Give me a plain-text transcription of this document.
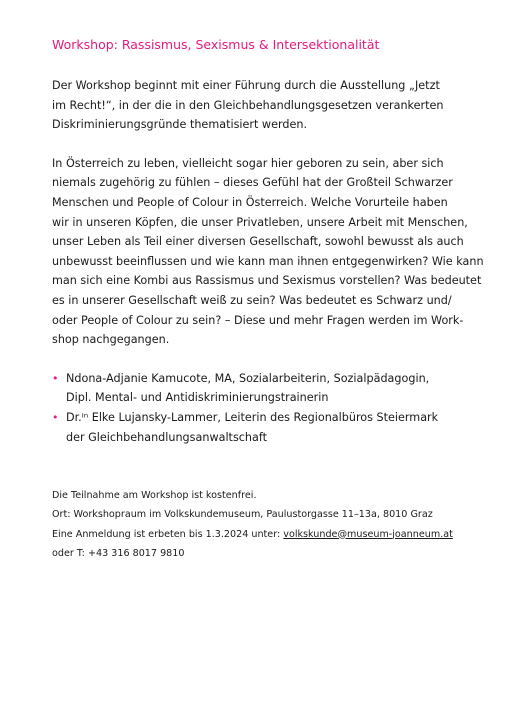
Workshop: Rassismus, Sexismus & Intersektionalität

Der Workshop beginnt mit einer Führung durch die Ausstellung „Jetzt
im Recht!“, in der die in den Gleichbehandlungsgesetzen verankerten
Diskriminierungsgründe thematisiert werden.

In Österreich zu leben, vielleicht sogar hier geboren zu sein, aber sich
niemals zugehörig zu fühlen – dieses Gefühl hat der Großteil Schwarzer
Menschen und People of Colour in Österreich. Welche Vorurteile haben
wir in unseren Köpfen, die unser Privatleben, unsere Arbeit mit Menschen,
unser Leben als Teil einer diversen Gesellschaft, sowohl bewusst als auch
unbewusst beeinflussen und wie kann man ihnen entgegenwirken? Wie kann
man sich eine Kombi aus Rassismus und Sexismus vorstellen? Was bedeutet
es in unserer Gesellschaft weiß zu sein? Was bedeutet es Schwarz und/
oder People of Colour zu sein? – Diese und mehr Fragen werden im Work-
shop nachgegangen.

• Ndona-Adjanie Kamucote, MA, Sozialarbeiterin, Sozialpädagogin,
Dipl. Mental- und Antidiskriminierungstrainerin
• Dr.ⁱⁿ Elke Lujansky-Lammer, Leiterin des Regionalbüros Steiermark
der Gleichbehandlungsanwaltschaft
Die Teilnahme am Workshop ist kostenfrei.
Ort: Workshopraum im Volkskundemuseum, Paulustorgasse 11–13a, 8010 Graz
Eine Anmeldung ist erbeten bis 1.3.2024 unter: volkskunde@museum-joanneum.at
oder T: +43 316 8017 9810
